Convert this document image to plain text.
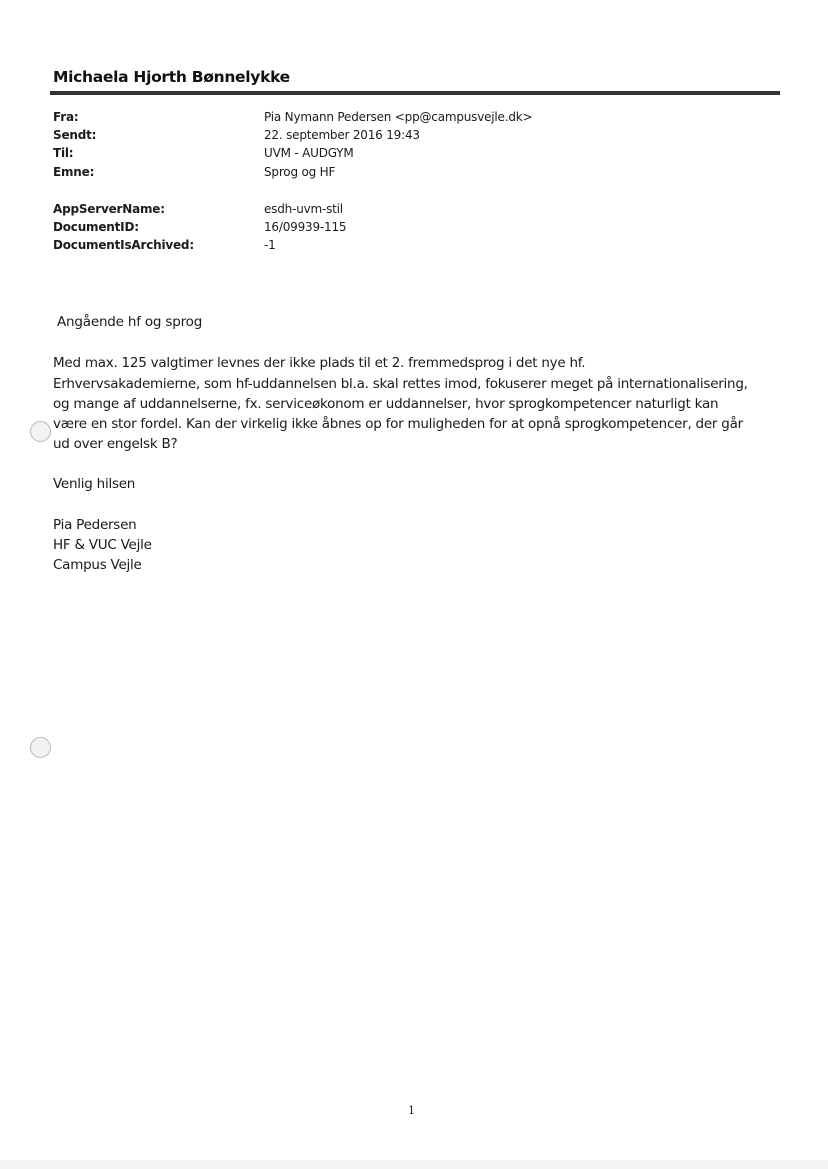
Michaela Hjorth Bønnelykke
Fra:	Pia Nymann Pedersen <pp@campusvejle.dk>
Sendt:	22. september 2016 19:43
Til:	UVM - AUDGYM
Emne:	Sprog og HF
AppServerName:	esdh-uvm-stil
DocumentID:	16/09939-115
DocumentIsArchived:	-1
Angående hf og sprog
Med max. 125 valgtimer levnes der ikke plads til et 2. fremmedsprog i det nye hf.
Erhvervsakademierne, som hf-uddannelsen bl.a. skal rettes imod, fokuserer meget på internationalisering,
og mange af uddannelserne, fx. serviceøkonom er uddannelser, hvor sprogkompetencer naturligt kan
være en stor fordel. Kan der virkelig ikke åbnes op for muligheden for at opnå sprogkompetencer, der går
ud over engelsk B?
Venlig hilsen
Pia Pedersen
HF & VUC Vejle
Campus Vejle
1
